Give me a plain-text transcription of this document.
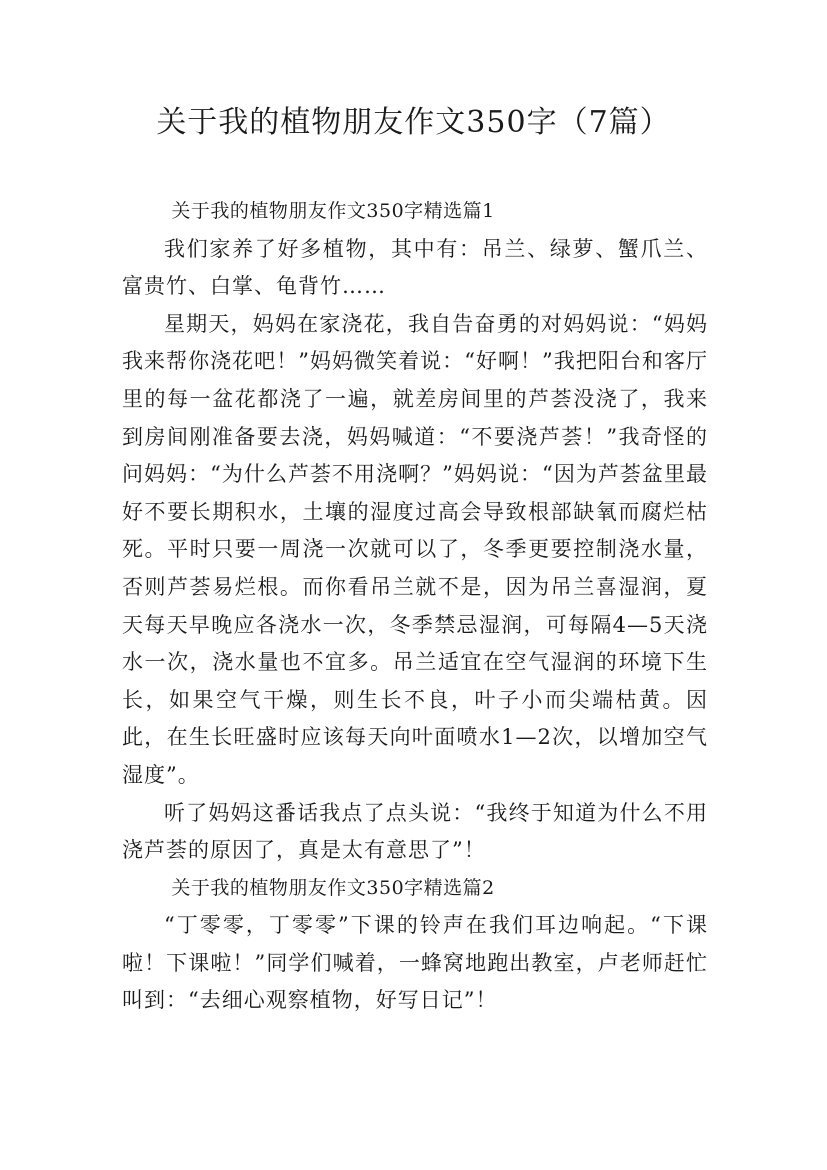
关于我的植物朋友作文350字（7篇）
关于我的植物朋友作文350字精选篇1

我们家养了好多植物，其中有：吊兰、绿萝、蟹爪兰、富贵竹、白掌、龟背竹……

星期天，妈妈在家浇花，我自告奋勇的对妈妈说：“妈妈我来帮你浇花吧！”妈妈微笑着说：“好啊！”我把阳台和客厅里的每一盆花都浇了一遍，就差房间里的芦荟没浇了，我来到房间刚准备要去浇，妈妈喊道：“不要浇芦荟！”我奇怪的问妈妈：“为什么芦荟不用浇啊？”妈妈说：“因为芦荟盆里最好不要长期积水，土壤的湿度过高会导致根部缺氧而腐烂枯死。平时只要一周浇一次就可以了，冬季更要控制浇水量，否则芦荟易烂根。而你看吊兰就不是，因为吊兰喜湿润，夏天每天早晚应各浇水一次，冬季禁忌湿润，可每隔4—5天浇水一次，浇水量也不宜多。吊兰适宜在空气湿润的环境下生长，如果空气干燥，则生长不良，叶子小而尖端枯黄。因此，在生长旺盛时应该每天向叶面喷水1—2次，以增加空气湿度”。

听了妈妈这番话我点了点头说：“我终于知道为什么不用浇芦荟的原因了，真是太有意思了”！

关于我的植物朋友作文350字精选篇2

“丁零零，丁零零”下课的铃声在我们耳边响起。“下课啦！下课啦！”同学们喊着，一蜂窝地跑出教室，卢老师赶忙叫到：“去细心观察植物，好写日记”！
